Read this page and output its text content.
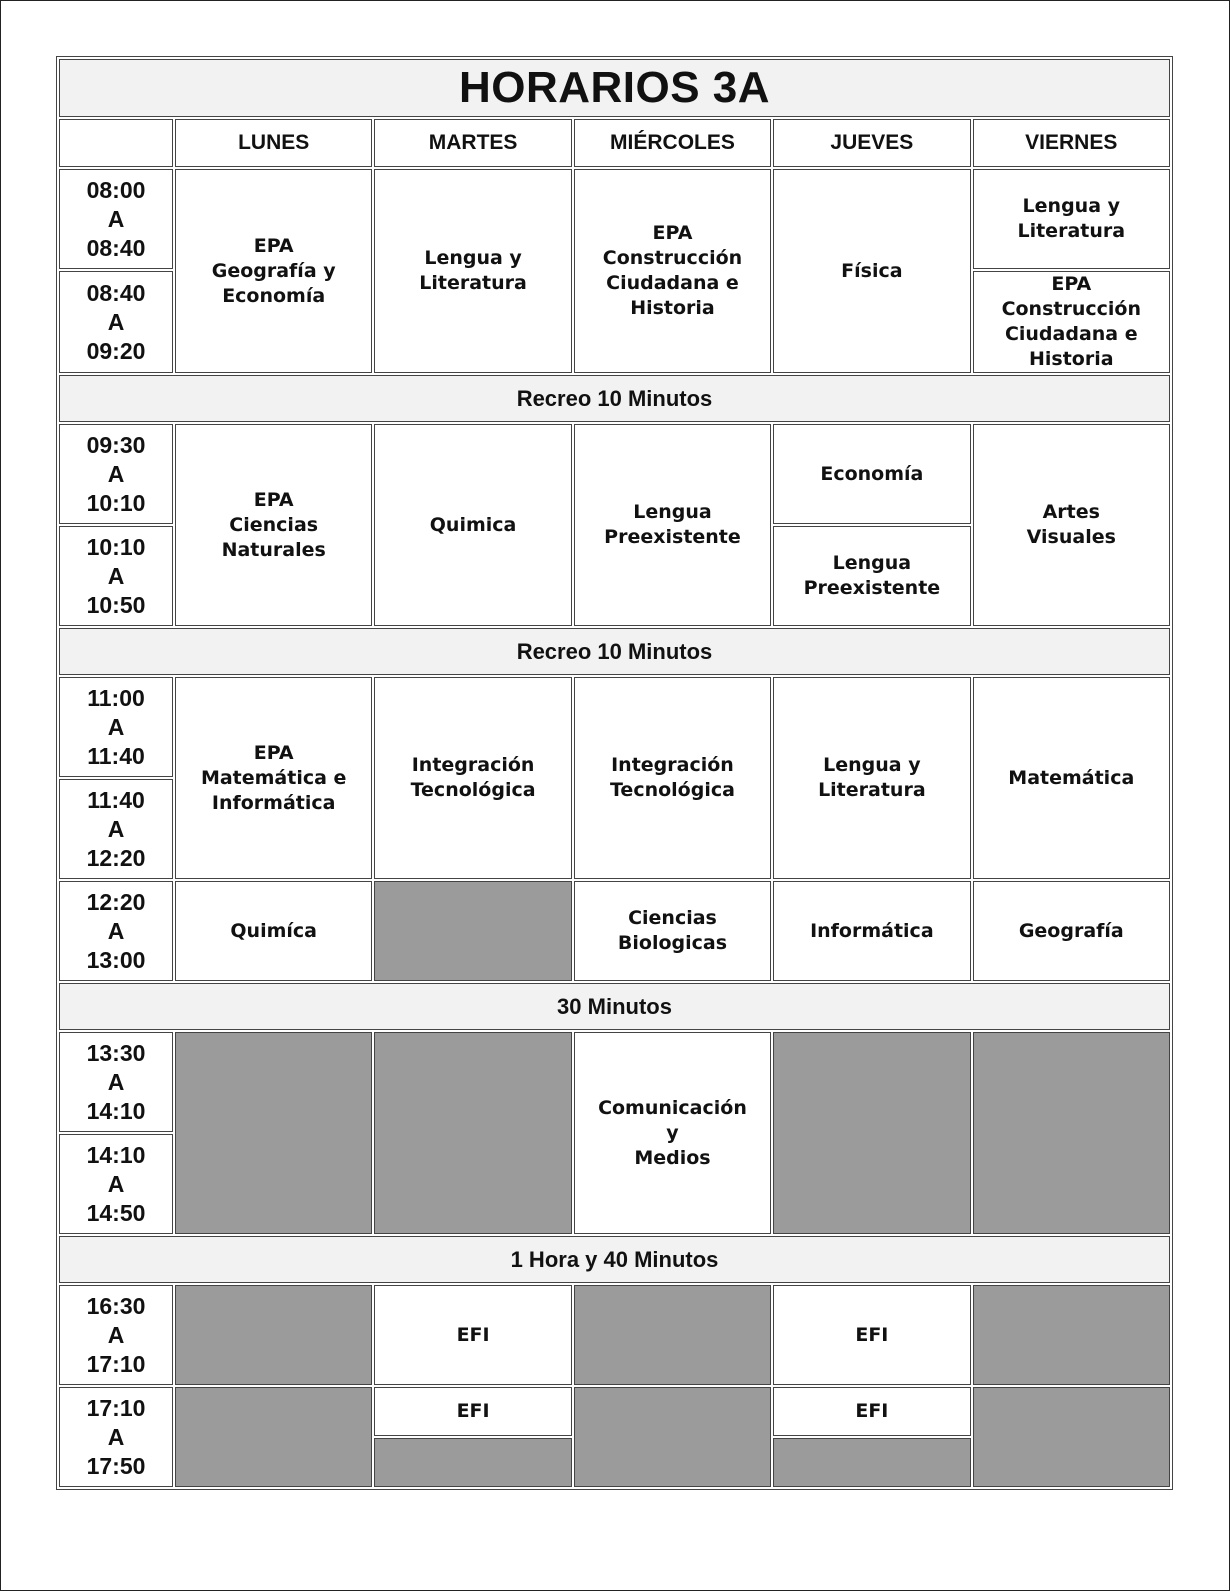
HORARIOS 3A					
	LUNES	MARTES	MIÉRCOLES	JUEVES	VIERNES

08:00
A
08:40	EPA
Geografía y
Economía	Lengua y
Literatura	EPA
Construcción
Ciudadana e
Historia	Física	Lengua y
Literatura

08:40
A
09:20					EPA
Construcción
Ciudadana e
Historia

Recreo 10 Minutos					

09:30
A
10:10	EPA
Ciencias
Naturales	Quimica	Lengua
Preexistente	Economía	Artes
Visuales

10:10
A
10:50				Lengua
Preexistente	

Recreo 10 Minutos					

11:00
A
11:40	EPA
Matemática e
Informática	Integración
Tecnológica	Integración
Tecnológica	Lengua y
Literatura	Matemática

11:40
A
12:20					

12:20
A
13:00	Quimíca		Ciencias
Biologicas	Informática	Geografía

30 Minutos					

13:30
A
14:10			Comunicación
y
Medios		

14:10
A
14:50					

1 Hora y 40 Minutos					

16:30
A
17:10		EFI		EFI	

17:10
A
17:50		EFI		EFI	
